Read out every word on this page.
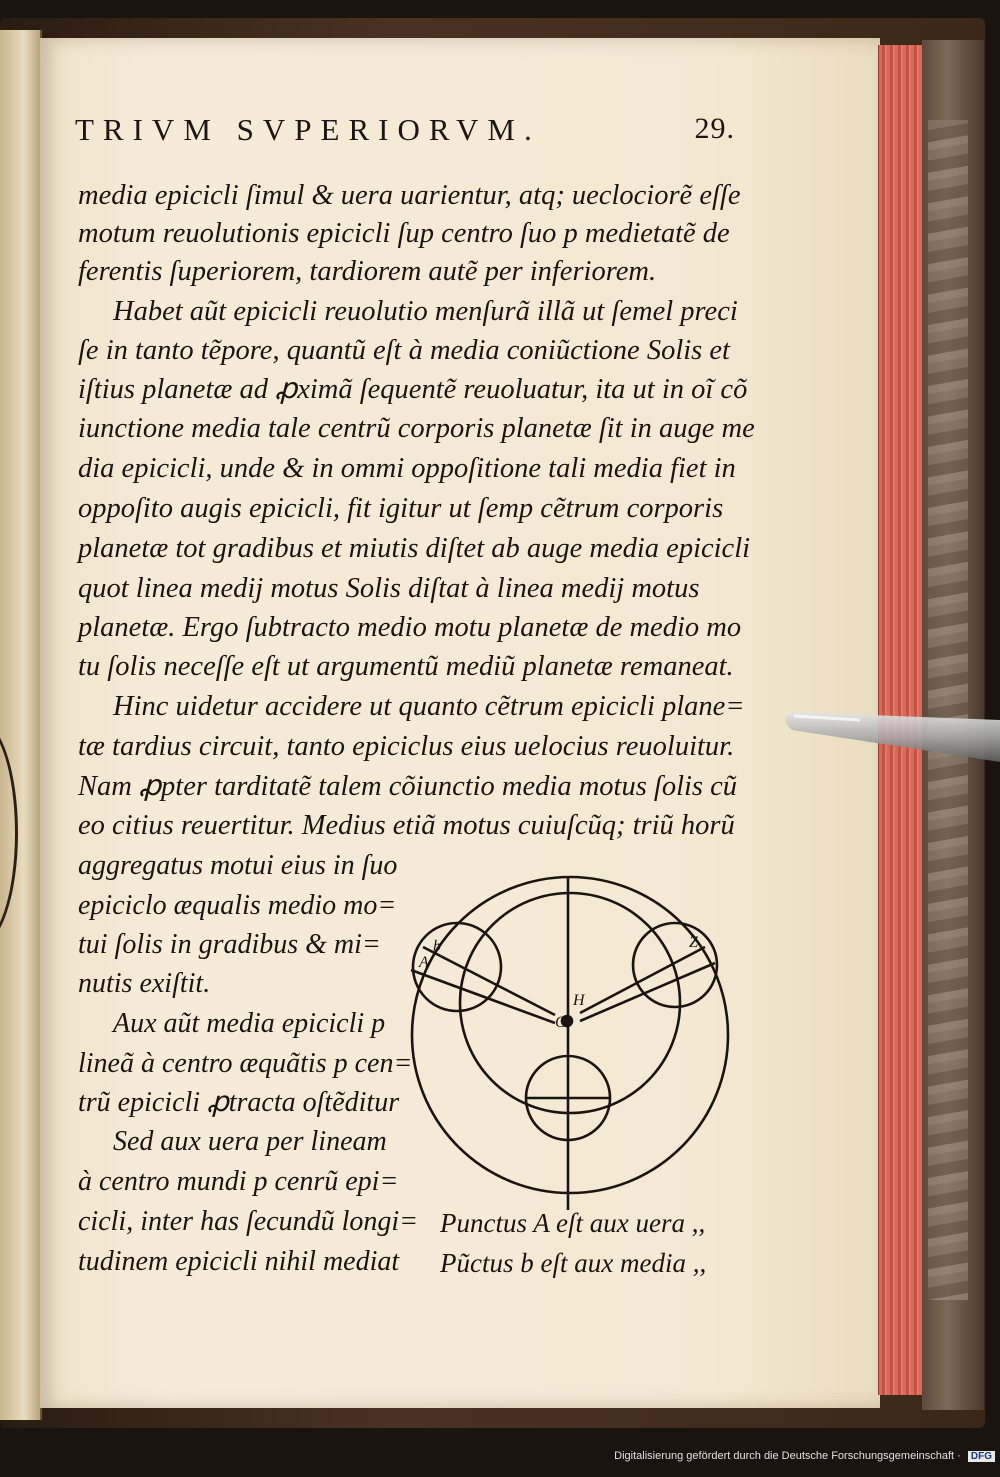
TRIVM SVPERIORVM.	29.
media epicicli ſimul & uera uarientur, atq; ueclociorẽ eſſe
motum reuolutionis epicicli ſup centro ſuo p medietatẽ de
ferentis ſuperiorem, tardiorem autẽ per inferiorem.
Habet aũt epicicli reuolutio menſurã illã ut ſemel preci
ſe in tanto tẽpore, quantũ eſt à media coniũctione Solis et
iſtius planetæ ad ꝓximã ſequentẽ reuoluatur, ita ut in oĩ cõ
iunctione media tale centrũ corporis planetæ ſit in auge me
dia epicicli, unde & in ommi oppoſitione tali media fiet in
oppoſito augis epicicli, fit igitur ut ſemp cẽtrum corporis
planetæ tot gradibus et miutis diſtet ab auge media epicicli
quot linea medij motus Solis diſtat à linea medij motus
planetæ. Ergo ſubtracto medio motu planetæ de medio mo
tu ſolis neceſſe eſt ut argumentũ mediũ planetæ remaneat.
Hinc uidetur accidere ut quanto cẽtrum epicicli plane=
tæ tardius circuit, tanto epiciclus eius uelocius reuoluitur.
Nam ꝓpter tarditatẽ talem cõiunctio media motus ſolis cũ
eo citius reuertitur. Medius etiã motus cuiuſcũq; triũ horũ
aggregatus motui eius in ſuo
epiciclo æqualis medio mo=
tui ſolis in gradibus & mi=
nutis exiſtit.
Aux aũt media epicicli p
lineã à centro æquãtis p cen=
trũ epicicli ꝓtracta oſtẽditur
Sed aux uera per lineam
à centro mundi p cenrũ epi=
cicli, inter has ſecundũ longi=
tudinem epicicli nihil mediat
A
b
H
G
Z
Punctus A eſt aux uera ,,
Pũctus b eſt aux media ,,
Digitalisierung gefördert durch die Deutsche Forschungsgemeinschaft · DFG
